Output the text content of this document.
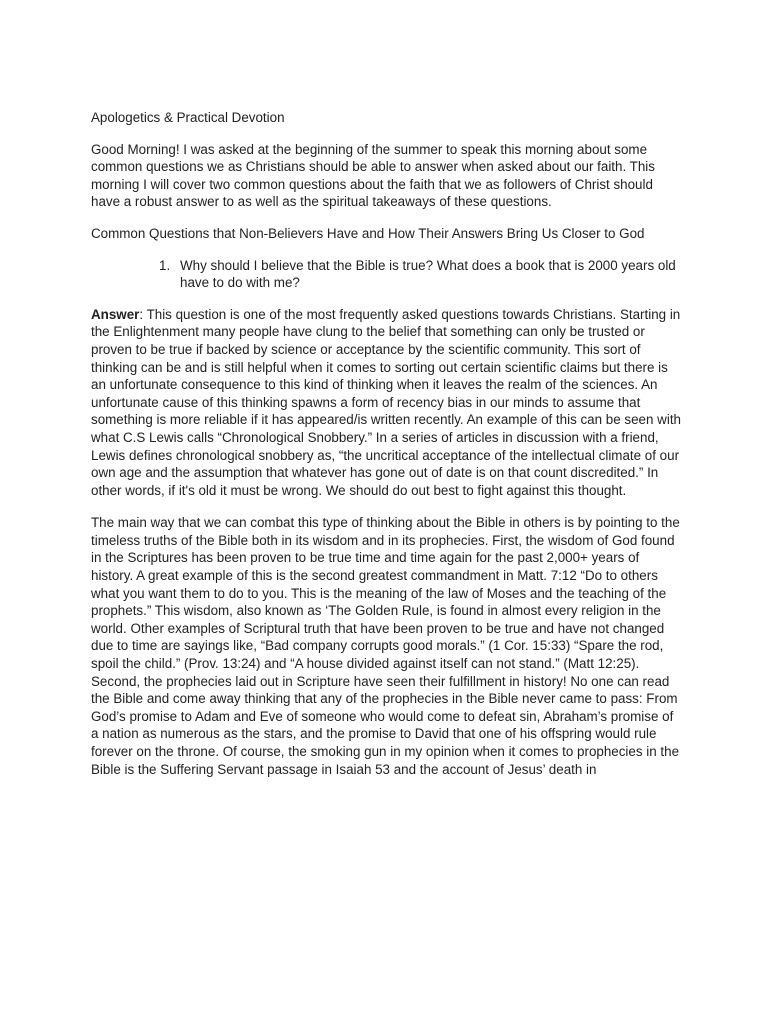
Apologetics & Practical Devotion

Good Morning! I was asked at the beginning of the summer to speak this morning about some common questions we as Christians should be able to answer when asked about our faith. This morning I will cover two common questions about the faith that we as followers of Christ should have a robust answer to as well as the spiritual takeaways of these questions.

Common Questions that Non-Believers Have and How Their Answers Bring Us Closer to God

1. Why should I believe that the Bible is true? What does a book that is 2000 years old have to do with me?

Answer: This question is one of the most frequently asked questions towards Christians. Starting in the Enlightenment many people have clung to the belief that something can only be trusted or proven to be true if backed by science or acceptance by the scientific community. This sort of thinking can be and is still helpful when it comes to sorting out certain scientific claims but there is an unfortunate consequence to this kind of thinking when it leaves the realm of the sciences. An unfortunate cause of this thinking spawns a form of recency bias in our minds to assume that something is more reliable if it has appeared/is written recently. An example of this can be seen with what C.S Lewis calls “Chronological Snobbery.” In a series of articles in discussion with a friend, Lewis defines chronological snobbery as, “the uncritical acceptance of the intellectual climate of our own age and the assumption that whatever has gone out of date is on that count discredited.” In other words, if it's old it must be wrong. We should do out best to fight against this thought.

The main way that we can combat this type of thinking about the Bible in others is by pointing to the timeless truths of the Bible both in its wisdom and in its prophecies. First, the wisdom of God found in the Scriptures has been proven to be true time and time again for the past 2,000+ years of history. A great example of this is the second greatest commandment in Matt. 7:12 “Do to others what you want them to do to you. This is the meaning of the law of Moses and the teaching of the prophets.” This wisdom, also known as ‘The Golden Rule, is found in almost every religion in the world. Other examples of Scriptural truth that have been proven to be true and have not changed due to time are sayings like, “Bad company corrupts good morals.” (1 Cor. 15:33) “Spare the rod, spoil the child.” (Prov. 13:24) and “A house divided against itself can not stand.” (Matt 12:25). Second, the prophecies laid out in Scripture have seen their fulfillment in history! No one can read the Bible and come away thinking that any of the prophecies in the Bible never came to pass: From God’s promise to Adam and Eve of someone who would come to defeat sin, Abraham’s promise of a nation as numerous as the stars, and the promise to David that one of his offspring would rule forever on the throne. Of course, the smoking gun in my opinion when it comes to prophecies in the Bible is the Suffering Servant passage in Isaiah 53 and the account of Jesus’ death in
